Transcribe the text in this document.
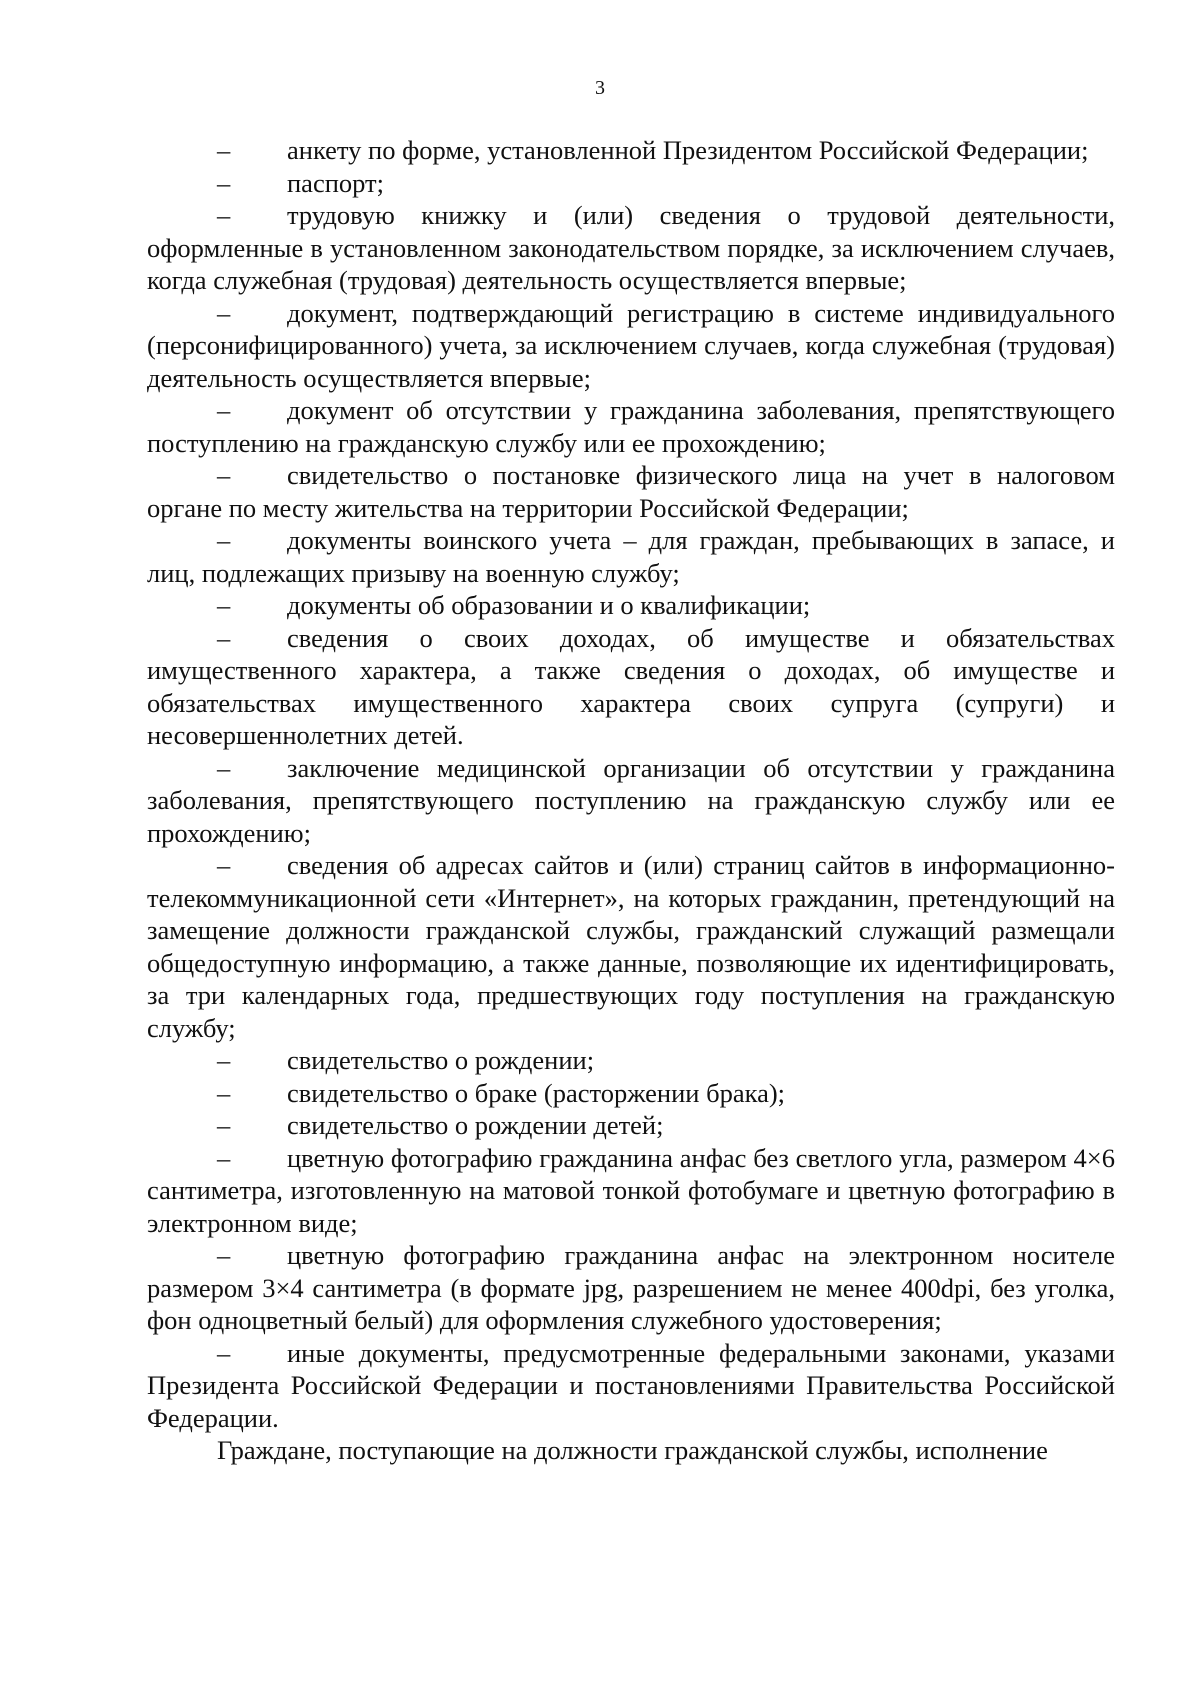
3

– анкету по форме, установленной Президентом Российской Федерации;

– паспорт;

– трудовую книжку и (или) сведения о трудовой деятельности, оформленные в установленном законодательством порядке, за исключением случаев, когда служебная (трудовая) деятельность осуществляется впервые;

– документ, подтверждающий регистрацию в системе индивидуального (персонифицированного) учета, за исключением случаев, когда служебная (трудовая) деятельность осуществляется впервые;

– документ об отсутствии у гражданина заболевания, препятствующего поступлению на гражданскую службу или ее прохождению;

– свидетельство о постановке физического лица на учет в налоговом органе по месту жительства на территории Российской Федерации;

– документы воинского учета – для граждан, пребывающих в запасе, и лиц, подлежащих призыву на военную службу;

– документы об образовании и о квалификации;

– сведения о своих доходах, об имуществе и обязательствах имущественного характера, а также сведения о доходах, об имуществе и обязательствах имущественного характера своих супруга (супруги) и несовершеннолетних детей.

– заключение медицинской организации об отсутствии у гражданина заболевания, препятствующего поступлению на гражданскую службу или ее прохождению;

– сведения об адресах сайтов и (или) страниц сайтов в информационно-телекоммуникационной сети «Интернет», на которых гражданин, претендующий на замещение должности гражданской службы, гражданский служащий размещали общедоступную информацию, а также данные, позволяющие их идентифицировать, за три календарных года, предшествующих году поступления на гражданскую службу;

– свидетельство о рождении;

– свидетельство о браке (расторжении брака);

– свидетельство о рождении детей;

– цветную фотографию гражданина анфас без светлого угла, размером 4×6 сантиметра, изготовленную на матовой тонкой фотобумаге и цветную фотографию в электронном виде;

– цветную фотографию гражданина анфас на электронном носителе размером 3×4 сантиметра (в формате jpg, разрешением не менее 400dpi, без уголка, фон одноцветный белый) для оформления служебного удостоверения;

– иные документы, предусмотренные федеральными законами, указами Президента Российской Федерации и постановлениями Правительства Российской Федерации.

Граждане, поступающие на должности гражданской службы, исполнение
